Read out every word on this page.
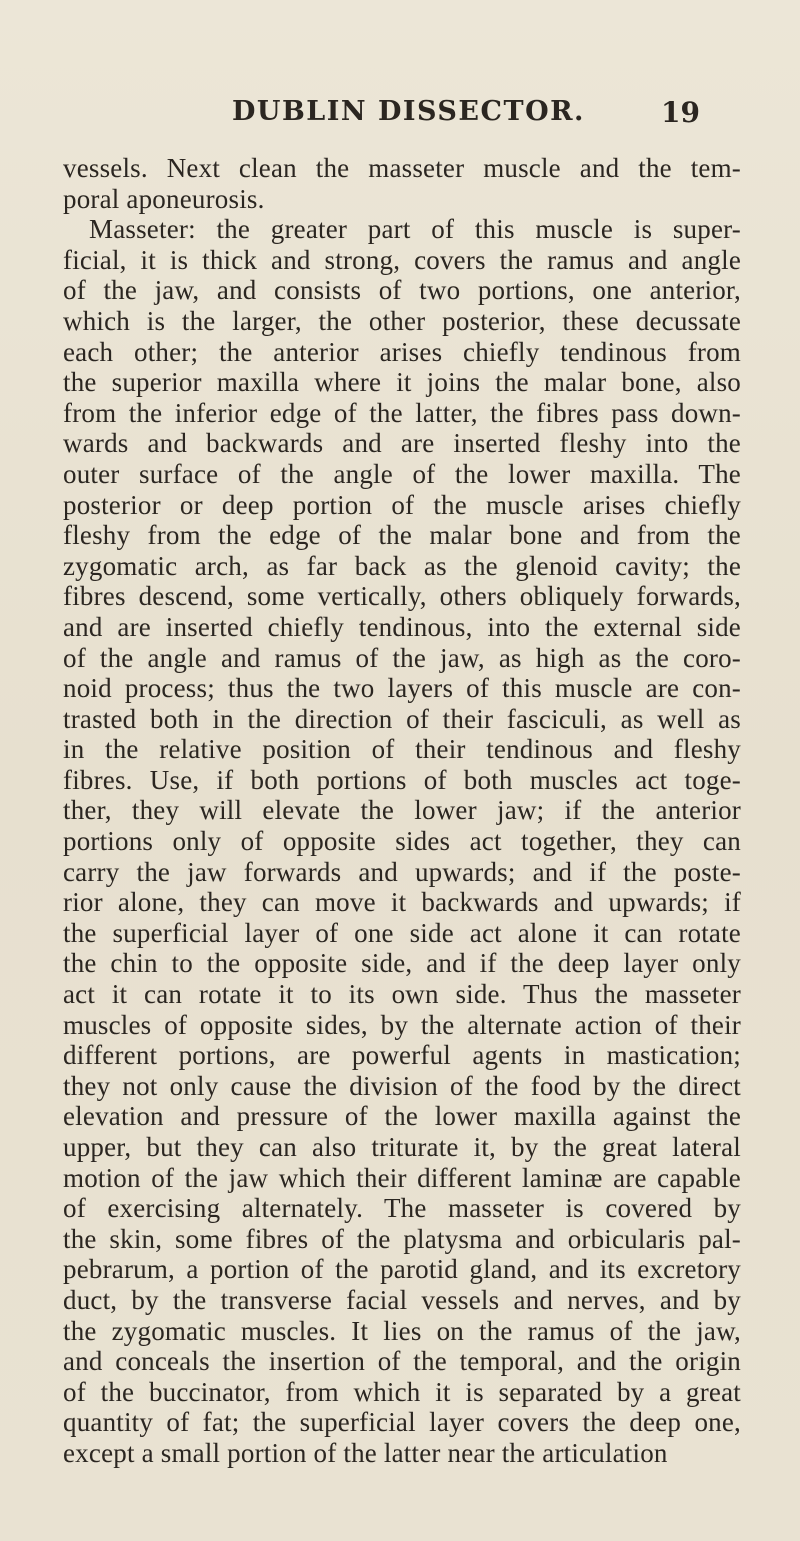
DUBLIN DISSECTOR.	19
vessels. Next clean the masseter muscle and the tem-
poral aponeurosis.
Masseter: the greater part of this muscle is super-
ficial, it is thick and strong, covers the ramus and angle
of the jaw, and consists of two portions, one anterior,
which is the larger, the other posterior, these decussate
each other; the anterior arises chiefly tendinous from
the superior maxilla where it joins the malar bone, also
from the inferior edge of the latter, the fibres pass down-
wards and backwards and are inserted fleshy into the
outer surface of the angle of the lower maxilla. The
posterior or deep portion of the muscle arises chiefly
fleshy from the edge of the malar bone and from the
zygomatic arch, as far back as the glenoid cavity; the
fibres descend, some vertically, others obliquely forwards,
and are inserted chiefly tendinous, into the external side
of the angle and ramus of the jaw, as high as the coro-
noid process; thus the two layers of this muscle are con-
trasted both in the direction of their fasciculi, as well as
in the relative position of their tendinous and fleshy
fibres. Use, if both portions of both muscles act toge-
ther, they will elevate the lower jaw; if the anterior
portions only of opposite sides act together, they can
carry the jaw forwards and upwards; and if the poste-
rior alone, they can move it backwards and upwards; if
the superficial layer of one side act alone it can rotate
the chin to the opposite side, and if the deep layer only
act it can rotate it to its own side. Thus the masseter
muscles of opposite sides, by the alternate action of their
different portions, are powerful agents in mastication;
they not only cause the division of the food by the direct
elevation and pressure of the lower maxilla against the
upper, but they can also triturate it, by the great lateral
motion of the jaw which their different laminæ are capable
of exercising alternately. The masseter is covered by
the skin, some fibres of the platysma and orbicularis pal-
pebrarum, a portion of the parotid gland, and its excretory
duct, by the transverse facial vessels and nerves, and by
the zygomatic muscles. It lies on the ramus of the jaw,
and conceals the insertion of the temporal, and the origin
of the buccinator, from which it is separated by a great
quantity of fat; the superficial layer covers the deep one,
except a small portion of the latter near the articulation
